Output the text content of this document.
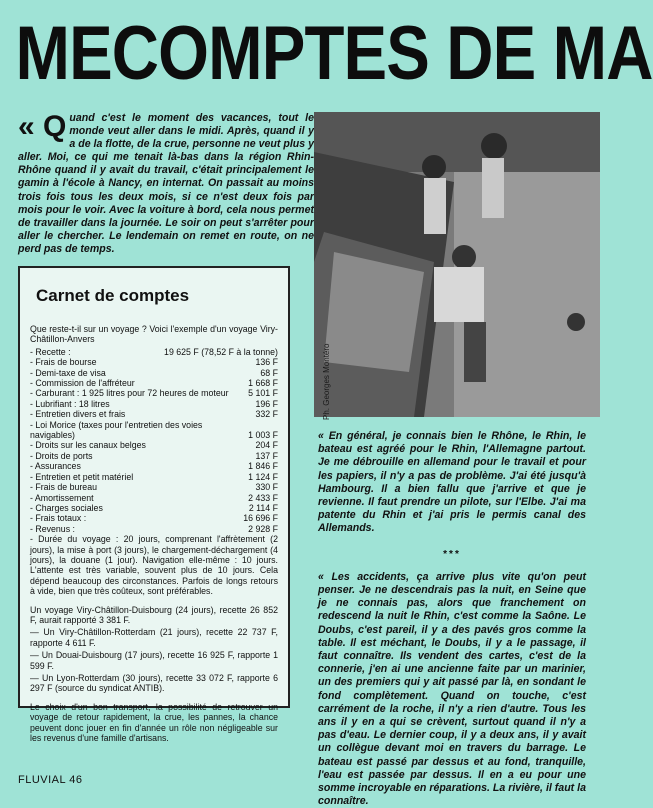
MECOMPTES DE MA
« Q uand c'est le moment des vacances, tout le monde veut aller dans le midi. Après, quand il y a de la flotte, de la crue, personne ne veut plus y aller. Moi, ce qui me tenait là-bas dans la région Rhin-Rhône quand il y avait du travail, c'était principalement le gamin à l'école à Nancy, en internat. On passait au moins trois fois tous les deux mois, si ce n'est deux fois par mois pour le voir. Avec la voiture à bord, cela nous permet de travailler dans la journée. Le soir on peut s'arrêter pour aller le chercher. Le lendemain on remet en route, on ne perd pas de temps.
Ph. Georges Montéro
Carnet de comptes

Que reste-t-il sur un voyage ? Voici l'exemple d'un voyage Viry-Châtillon-Anvers

- Recette :	19 625 F (78,52 F à la tonne)
- Frais de bourse	136 F
- Demi-taxe de visa	68 F
- Commission de l'affréteur	1 668 F
- Carburant : 1 925 litres pour 72 heures de moteur	5 101 F
- Lubrifiant : 18 litres	196 F
- Entretien divers et frais	332 F
- Loi Morice (taxes pour l'entretien des voies navigables)	1 003 F
- Droits sur les canaux belges	204 F
- Droits de ports	137 F
- Assurances	1 846 F
- Entretien et petit matériel	1 124 F
- Frais de bureau	330 F
- Amortissement	2 433 F
- Charges sociales	2 114 F
- Frais totaux :	16 696 F
- Revenus :	2 928 F

- Durée du voyage : 20 jours, comprenant l'affrètement (2 jours), la mise à port (3 jours), le chargement-déchargement (4 jours), la douane (1 jour). Navigation elle-même : 10 jours. L'attente est très variable, souvent plus de 10 jours. Cela dépend beaucoup des circonstances. Parfois de longs retours à vide, bien que très coûteux, sont préférables.

Un voyage Viry-Châtillon-Duisbourg (24 jours), recette 26 852 F, aurait rapporté 3 381 F.

— Un Viry-Châtillon-Rotterdam (21 jours), recette 22 737 F, rapporte 4 611 F.

— Un Douai-Duisbourg (17 jours), recette 16 925 F, rapporte 1 599 F.

— Un Lyon-Rotterdam (30 jours), recette 33 072 F, rapporte 6 297 F (source du syndicat ANTIB).

Le choix d'un bon transport, la possibilité de retrouver un voyage de retour rapidement, la crue, les pannes, la chance peuvent donc jouer en fin d'année un rôle non négligeable sur les revenus d'une famille d'artisans.

« En général, je connais bien le Rhône, le Rhin, le bateau est agréé pour le Rhin, l'Allemagne partout. Je me débrouille en allemand pour le travail et pour les papiers, il n'y a pas de problème. J'ai été jusqu'à Hambourg. Il a bien fallu que j'arrive et que je revienne. Il faut prendre un pilote, sur l'Elbe. J'ai ma patente du Rhin et j'ai pris le permis canal des Allemands.

***

« Les accidents, ça arrive plus vite qu'on peut penser. Je ne descendrais pas la nuit, en Seine que je ne connais pas, alors que franchement on redescend la nuit le Rhin, c'est comme la Saône. Le Doubs, c'est pareil, il y a des pavés gros comme la table. Il est méchant, le Doubs, il y a le passage, il faut connaître. Ils vendent des cartes, c'est de la connerie, j'en ai une ancienne faite par un marinier, un des premiers qui y ait passé par là, en sondant le fond complètement. Quand on touche, c'est carrément de la roche, il n'y a rien d'autre. Tous les ans il y en a qui se crèvent, surtout quand il n'y a pas d'eau. Le dernier coup, il y a deux ans, il y avait un collègue devant moi en travers du barrage. Le bateau est passé par dessus et au fond, tranquille, l'eau est passée par dessus. Il en a eu pour une somme incroyable en réparations. La rivière, il faut la connaître.

FLUVIAL 46
